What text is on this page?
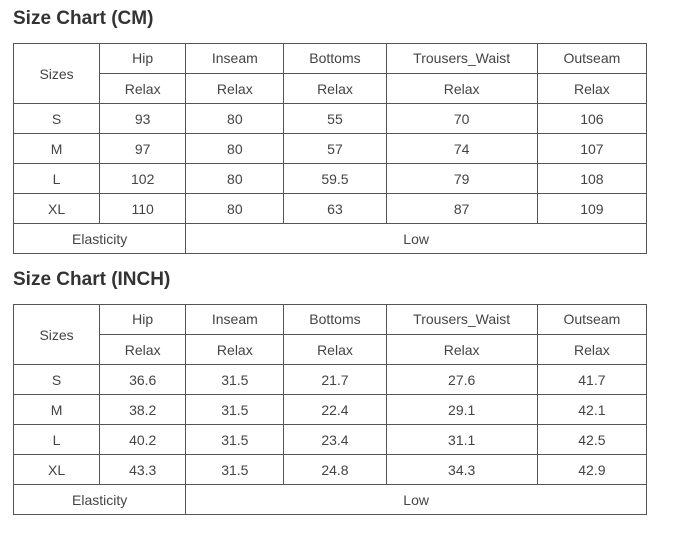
Size Chart (CM)
Sizes	Hip	Inseam	Bottoms	Trousers_Waist	Outseam
	Relax	Relax	Relax	Relax	Relax
S	93	80	55	70	106
M	97	80	57	74	107
L	102	80	59.5	79	108
XL	110	80	63	87	109
Elasticity		Low			
Size Chart (INCH)
Sizes	Hip	Inseam	Bottoms	Trousers_Waist	Outseam
	Relax	Relax	Relax	Relax	Relax
S	36.6	31.5	21.7	27.6	41.7
M	38.2	31.5	22.4	29.1	42.1
L	40.2	31.5	23.4	31.1	42.5
XL	43.3	31.5	24.8	34.3	42.9
Elasticity		Low			
